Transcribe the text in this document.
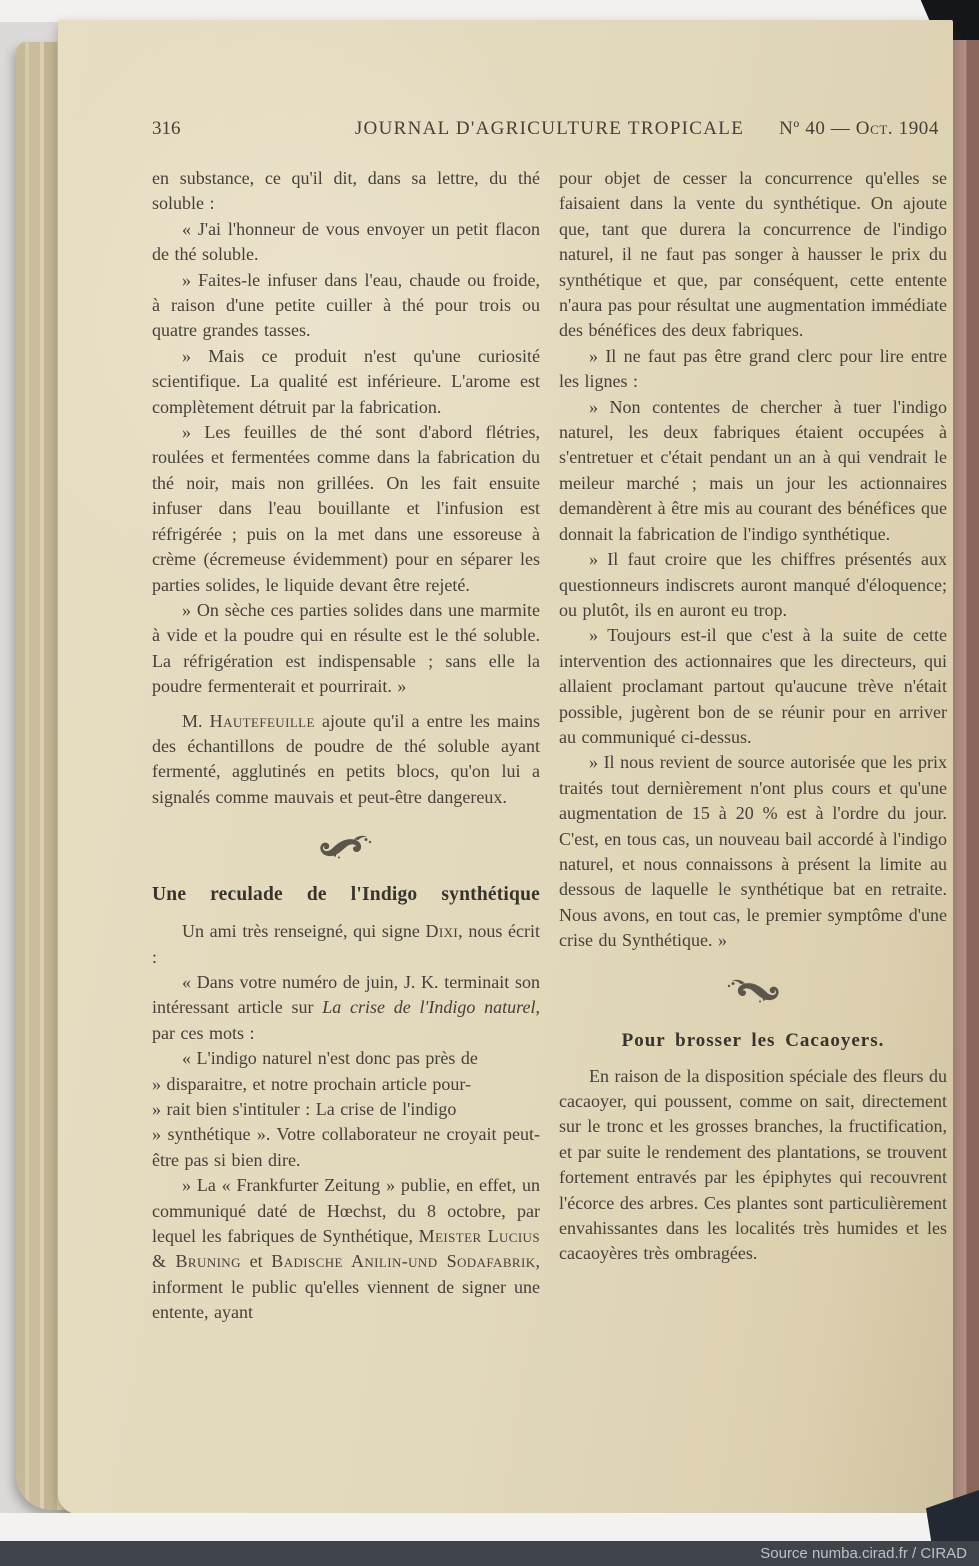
316	JOURNAL D'AGRICULTURE TROPICALE	Nº 40 — Oct. 1904

en substance, ce qu'il dit, dans sa lettre, du thé soluble :

« J'ai l'honneur de vous envoyer un petit flacon de thé soluble.

» Faites-le infuser dans l'eau, chaude ou froide, à raison d'une petite cuiller à thé pour trois ou quatre grandes tasses.

» Mais ce produit n'est qu'une curiosité scientifique. La qualité est inférieure. L'arome est complètement détruit par la fabrication.

» Les feuilles de thé sont d'abord flétries, roulées et fermentées comme dans la fabrication du thé noir, mais non grillées. On les fait ensuite infuser dans l'eau bouillante et l'infusion est réfrigérée ; puis on la met dans une essoreuse à crème (écremeuse évidemment) pour en séparer les parties solides, le liquide devant être rejeté.

» On sèche ces parties solides dans une marmite à vide et la poudre qui en résulte est le thé soluble. La réfrigération est indispensable ; sans elle la poudre fermenterait et pourrirait. »

M. Hautefeuille ajoute qu'il a entre les mains des échantillons de poudre de thé soluble ayant fermenté, agglutinés en petits blocs, qu'on lui a signalés comme mauvais et peut-être dangereux.

Une reculade de l'Indigo synthétique

Un ami très renseigné, qui signe Dixi, nous écrit :

« Dans votre numéro de juin, J. K. terminait son intéressant article sur La crise de l'Indigo naturel, par ces mots :

« L'indigo naturel n'est donc pas près de
» disparaitre, et notre prochain article pour-
» rait bien s'intituler : La crise de l'indigo
» synthétique ». Votre collaborateur ne croyait peut-être pas si bien dire.

» La « Frankfurter Zeitung » publie, en effet, un communiqué daté de Hœchst, du 8 octobre, par lequel les fabriques de Synthétique, Meister Lucius & Bruning et Badische Anilin-und Sodafabrik, informent le public qu'elles viennent de signer une entente, ayant

pour objet de cesser la concurrence qu'elles se faisaient dans la vente du synthétique. On ajoute que, tant que durera la concurrence de l'indigo naturel, il ne faut pas songer à hausser le prix du synthétique et que, par conséquent, cette entente n'aura pas pour résultat une augmentation immédiate des bénéfices des deux fabriques.

» Il ne faut pas être grand clerc pour lire entre les lignes :

» Non contentes de chercher à tuer l'indigo naturel, les deux fabriques étaient occupées à s'entretuer et c'était pendant un an à qui vendrait le meileur marché ; mais un jour les actionnaires demandèrent à être mis au courant des bénéfices que donnait la fabrication de l'indigo synthétique.

» Il faut croire que les chiffres présentés aux questionneurs indiscrets auront manqué d'éloquence; ou plutôt, ils en auront eu trop.

» Toujours est-il que c'est à la suite de cette intervention des actionnaires que les directeurs, qui allaient proclamant partout qu'aucune trève n'était possible, jugèrent bon de se réunir pour en arriver au communiqué ci-dessus.

» Il nous revient de source autorisée que les prix traités tout dernièrement n'ont plus cours et qu'une augmentation de 15 à 20 % est à l'ordre du jour. C'est, en tous cas, un nouveau bail accordé à l'indigo naturel, et nous connaissons à présent la limite au dessous de laquelle le synthétique bat en retraite. Nous avons, en tout cas, le premier symptôme d'une crise du Synthétique. »

Pour brosser les Cacaoyers.

En raison de la disposition spéciale des fleurs du cacaoyer, qui poussent, comme on sait, directement sur le tronc et les grosses branches, la fructification, et par suite le rendement des plantations, se trouvent fortement entravés par les épiphytes qui recouvrent l'écorce des arbres. Ces plantes sont particulièrement envahissantes dans les localités très humides et les cacaoyères très ombragées.

Source numba.cirad.fr / CIRAD
